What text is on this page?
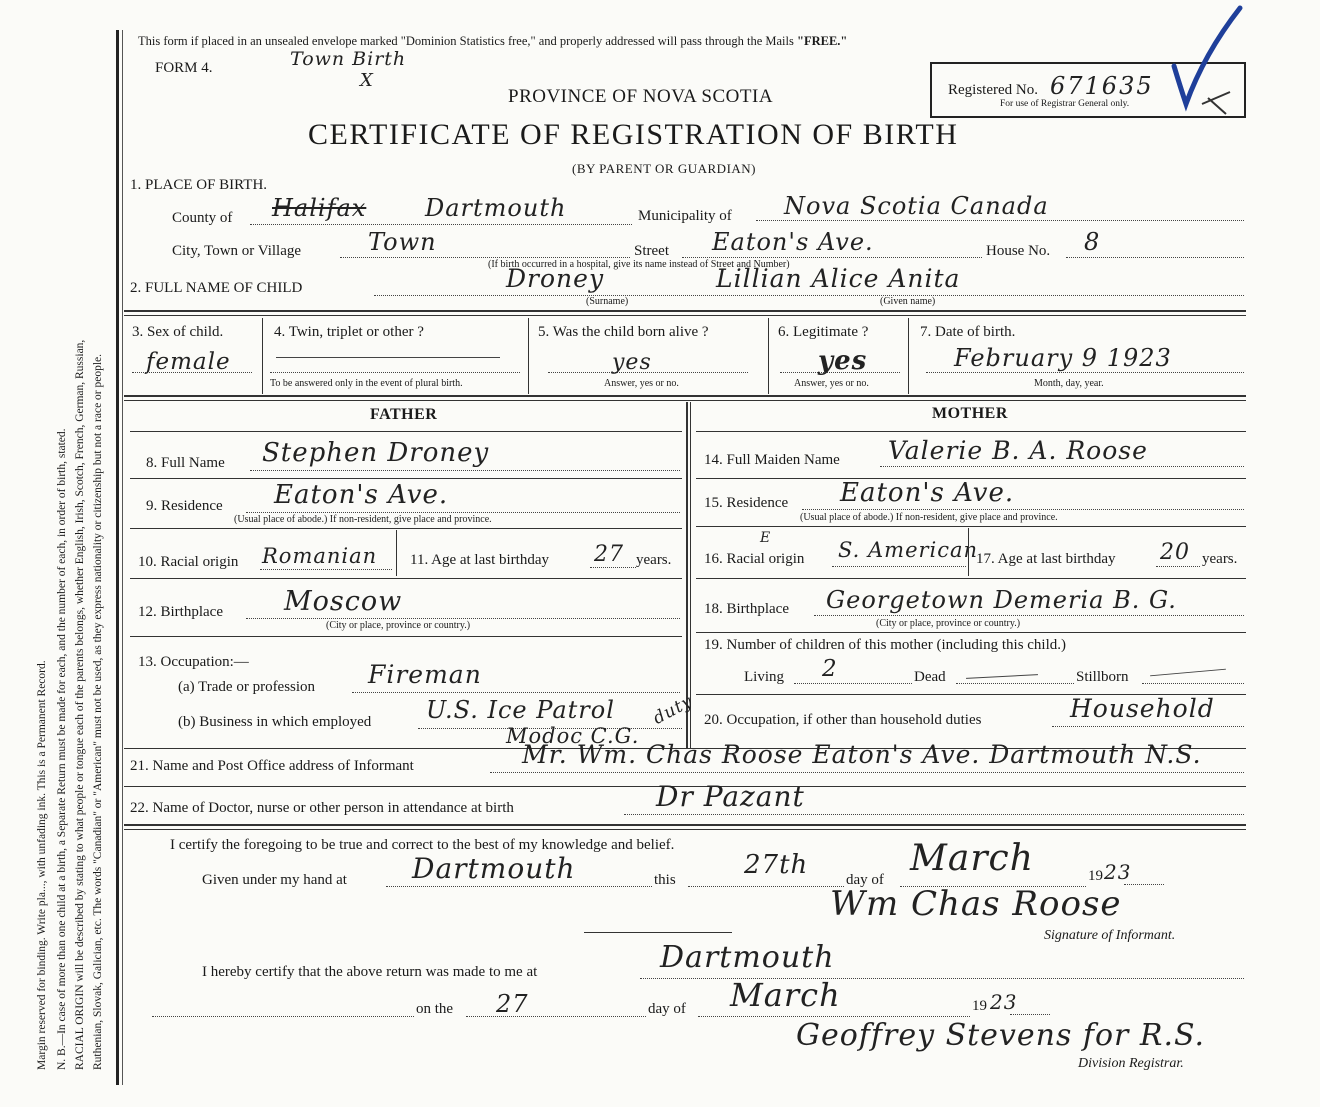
Margin reserved for binding. Write pla..., with unfading ink. This is a Permanent Record. N. B.—In case of more than one child at a birth, a Separate Return must be made for each, and the number of each, in order of birth, stated. RACIAL ORIGIN will be described by stating to what people or tongue each of the parents belongs, whether English, Irish, Scotch, French, German, Russian, Ruthenian, Slovak, Galician, etc. The words "Canadian" or "American" must not be used, as they express nationality or citizenship but not a race or people.
This form if placed in an unsealed envelope marked "Dominion Statistics free," and properly addressed will pass through the Mails "FREE."
FORM 4.	Town Birth
X
PROVINCE OF NOVA SCOTIA
CERTIFICATE OF REGISTRATION OF BIRTH
(BY PARENT OR GUARDIAN)
Registered No. 671635
For use of Registrar General only.
1. PLACE OF BIRTH.
County of Halifax Dartmouth	Municipality of Nova Scotia Canada
City, Town or Village	Town	Street Eaton's Ave.	House No. 8
(If birth occurred in a hospital, give its name instead of Street and Number)
2. FULL NAME OF CHILD	Droney
(Surname)
Lillian Alice Anita
(Given name)
3. Sex of child.
female
4. Twin, triplet or other ?
To be answered only in the event of plural birth.
5. Was the child born alive ?
yes
Answer, yes or no.
6. Legitimate ?
yes
Answer, yes or no.
7. Date of birth.
February 9 1923
Month, day, year.
FATHER	MOTHER
8. Full Name Stephen Droney
9. Residence Eaton's Ave.
(Usual place of abode.) If non-resident, give place and province.
10. Racial origin Romanian 11. Age at last birthday 27 years.
12. Birthplace Moscow
(City or place, province or country.)
13. Occupation:—
(a) Trade or profession Fireman
(b) Business in which employed U.S. Ice Patrol duty
Modoc C.G.
14. Full Maiden Name Valerie B. A. Roose
15. Residence Eaton's Ave.
(Usual place of abode.) If non-resident, give place and province.
16. Racial origin
E	S. American
17. Age at last birthday 20 years.
18. Birthplace Georgetown Demeria B. G.
(City or place, province or country.)
19. Number of children of this mother (including this child.)
Living 2	Dead	Stillborn
20. Occupation, if other than household duties	Household
21. Name and Post Office address of Informant	Mr. Wm. Chas Roose Eaton's Ave. Dartmouth N.S.
22. Name of Doctor, nurse or other person in attendance at birth	Dr Pazant
I certify the foregoing to be true and correct to the best of my knowledge and belief.
Given under my hand at Dartmouth	this	27th	day of
March	19 23
Wm Chas Roose
Signature of Informant.
I hereby certify that the above return was made to me at	Dartmouth
on the 27	day of March	19 23
Geoffrey Stevens for R.S.
Division Registrar.
